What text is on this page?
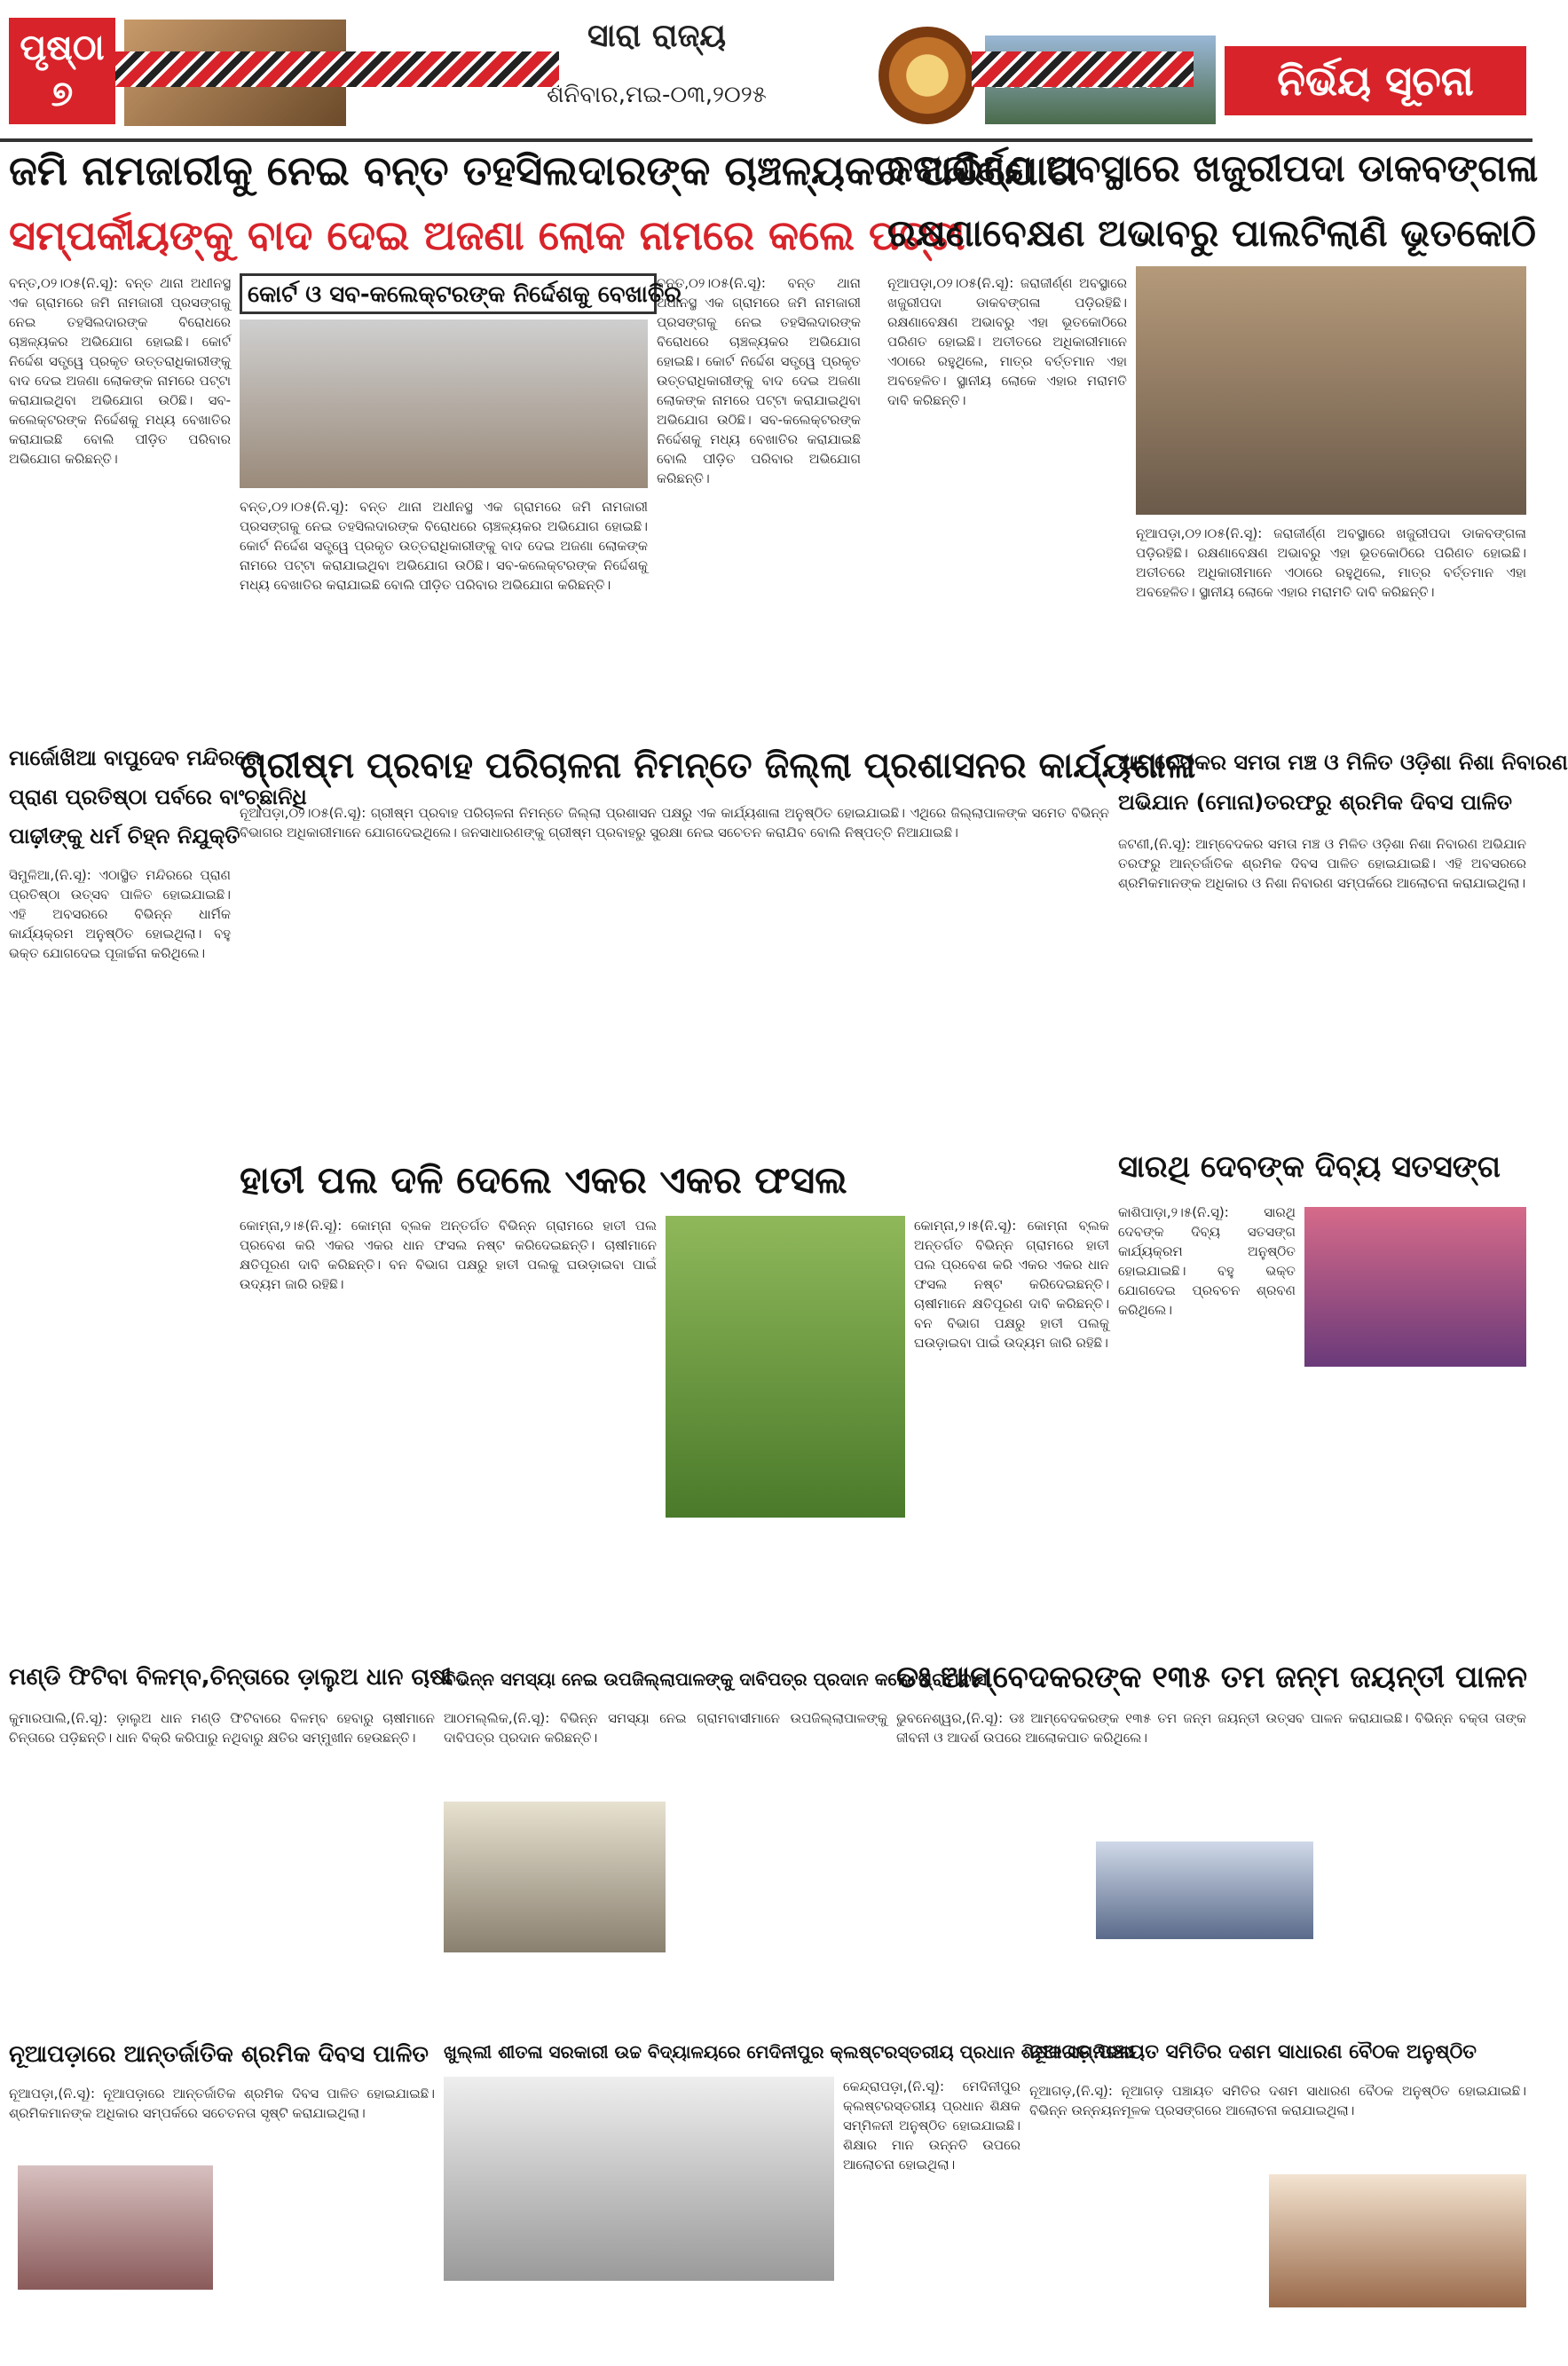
ପୃଷ୍ଠା
୭
ସାରା ରାଜ୍ୟ
ଶନିବାର,ମଇ-୦୩,୨୦୨୫	ନିର୍ଭୟ ସୂଚନା
ଜମି ନାମଜାରୀକୁ ନେଇ ବନ୍ତ ତହସିଲଦାରଙ୍କ ଚାଞ୍ଚଳ୍ୟକର ଅଭିଯୋଗ
ସମ୍ପର୍କୀୟଙ୍କୁ ବାଦ ଦେଇ ଅଜଣା ଲୋକ ନାମରେ କଲେ ପଟ୍ଟା
କୋର୍ଟ ଓ ସବ-କଲେକ୍ଟରଙ୍କ ନିର୍ଦ୍ଦେଶକୁ ବେଖାତିର
ବନ୍ତ,୦୨।୦୫(ନି.ସୂ): ବନ୍ତ ଥାନା ଅଧୀନସ୍ଥ ଏକ ଗ୍ରାମରେ ଜମି ନାମଜାରୀ ପ୍ରସଙ୍ଗକୁ ନେଇ ତହସିଲଦାରଙ୍କ ବିରୋଧରେ ଚାଞ୍ଚଳ୍ୟକର ଅଭିଯୋଗ ହୋଇଛି। କୋର୍ଟ ନିର୍ଦ୍ଦେଶ ସତ୍ତ୍ୱେ ପ୍ରକୃତ ଉତ୍ତରାଧିକାରୀଙ୍କୁ ବାଦ ଦେଇ ଅଜଣା ଲୋକଙ୍କ ନାମରେ ପଟ୍ଟା କରାଯାଇଥିବା ଅଭିଯୋଗ ଉଠିଛି। ସବ-କଲେକ୍ଟରଙ୍କ ନିର୍ଦ୍ଦେଶକୁ ମଧ୍ୟ ବେଖାତିର କରାଯାଇଛି ବୋଲି ପୀଡ଼ିତ ପରିବାର ଅଭିଯୋଗ କରିଛନ୍ତି।
ବନ୍ତ,୦୨।୦୫(ନି.ସୂ): ବନ୍ତ ଥାନା ଅଧୀନସ୍ଥ ଏକ ଗ୍ରାମରେ ଜମି ନାମଜାରୀ ପ୍ରସଙ୍ଗକୁ ନେଇ ତହସିଲଦାରଙ୍କ ବିରୋଧରେ ଚାଞ୍ଚଳ୍ୟକର ଅଭିଯୋଗ ହୋଇଛି। କୋର୍ଟ ନିର୍ଦ୍ଦେଶ ସତ୍ତ୍ୱେ ପ୍ରକୃତ ଉତ୍ତରାଧିକାରୀଙ୍କୁ ବାଦ ଦେଇ ଅଜଣା ଲୋକଙ୍କ ନାମରେ ପଟ୍ଟା କରାଯାଇଥିବା ଅଭିଯୋଗ ଉଠିଛି। ସବ-କଲେକ୍ଟରଙ୍କ ନିର୍ଦ୍ଦେଶକୁ ମଧ୍ୟ ବେଖାତିର କରାଯାଇଛି ବୋଲି ପୀଡ଼ିତ ପରିବାର ଅଭିଯୋଗ କରିଛନ୍ତି।
ବନ୍ତ,୦୨।୦୫(ନି.ସୂ): ବନ୍ତ ଥାନା ଅଧୀନସ୍ଥ ଏକ ଗ୍ରାମରେ ଜମି ନାମଜାରୀ ପ୍ରସଙ୍ଗକୁ ନେଇ ତହସିଲଦାରଙ୍କ ବିରୋଧରେ ଚାଞ୍ଚଳ୍ୟକର ଅଭିଯୋଗ ହୋଇଛି। କୋର୍ଟ ନିର୍ଦ୍ଦେଶ ସତ୍ତ୍ୱେ ପ୍ରକୃତ ଉତ୍ତରାଧିକାରୀଙ୍କୁ ବାଦ ଦେଇ ଅଜଣା ଲୋକଙ୍କ ନାମରେ ପଟ୍ଟା କରାଯାଇଥିବା ଅଭିଯୋଗ ଉଠିଛି। ସବ-କଲେକ୍ଟରଙ୍କ ନିର୍ଦ୍ଦେଶକୁ ମଧ୍ୟ ବେଖାତିର କରାଯାଇଛି ବୋଲି ପୀଡ଼ିତ ପରିବାର ଅଭିଯୋଗ କରିଛନ୍ତି।
ଜରାଜୀର୍ଣ୍ଣ ଅବସ୍ଥାରେ ଖଜୁରୀପଦା ଡାକବଙ୍ଗଳା
ରକ୍ଷଣାବେକ୍ଷଣ ଅଭାବରୁ ପାଲଟିଲାଣି ଭୂତକୋଠି
ନୂଆପଡ଼ା,୦୨।୦୫(ନି.ସୂ): ଜରାଜୀର୍ଣ୍ଣ ଅବସ୍ଥାରେ ଖଜୁରୀପଦା ଡାକବଙ୍ଗଳା ପଡ଼ିରହିଛି। ରକ୍ଷଣାବେକ୍ଷଣ ଅଭାବରୁ ଏହା ଭୂତକୋଠିରେ ପରିଣତ ହୋଇଛି। ଅତୀତରେ ଅଧିକାରୀମାନେ ଏଠାରେ ରହୁଥିଲେ, ମାତ୍ର ବର୍ତ୍ତମାନ ଏହା ଅବହେଳିତ। ସ୍ଥାନୀୟ ଲୋକେ ଏହାର ମରାମତି ଦାବି କରିଛନ୍ତି।
ନୂଆପଡ଼ା,୦୨।୦୫(ନି.ସୂ): ଜରାଜୀର୍ଣ୍ଣ ଅବସ୍ଥାରେ ଖଜୁରୀପଦା ଡାକବଙ୍ଗଳା ପଡ଼ିରହିଛି। ରକ୍ଷଣାବେକ୍ଷଣ ଅଭାବରୁ ଏହା ଭୂତକୋଠିରେ ପରିଣତ ହୋଇଛି। ଅତୀତରେ ଅଧିକାରୀମାନେ ଏଠାରେ ରହୁଥିଲେ, ମାତ୍ର ବର୍ତ୍ତମାନ ଏହା ଅବହେଳିତ। ସ୍ଥାନୀୟ ଲୋକେ ଏହାର ମରାମତି ଦାବି କରିଛନ୍ତି।
ମାର୍ଜୋଖିଆ ବାପୁଦେବ ମନ୍ଦିରରେ
ପ୍ରାଣ ପ୍ରତିଷ୍ଠା ପର୍ବରେ ବାଂଚ୍ଛାନିଧି
ପାଢ଼ୀଙ୍କୁ ଧର୍ମ ଚିହ୍ନ ନିଯୁକ୍ତି
ସିମୁଳିଆ,(ନି.ସୂ): ଏଠାସ୍ଥିତ ମନ୍ଦିରରେ ପ୍ରାଣ ପ୍ରତିଷ୍ଠା ଉତ୍ସବ ପାଳିତ ହୋଇଯାଇଛି। ଏହି ଅବସରରେ ବିଭିନ୍ନ ଧାର୍ମିକ କାର୍ଯ୍ୟକ୍ରମ ଅନୁଷ୍ଠିତ ହୋଇଥିଲା। ବହୁ ଭକ୍ତ ଯୋଗଦେଇ ପୂଜାର୍ଚ୍ଚନା କରିଥିଲେ।
ଗ୍ରୀଷ୍ମ ପ୍ରବାହ ପରିଚାଳନା ନିମନ୍ତେ ଜିଲ୍ଲା ପ୍ରଶାସନର କାର୍ଯ୍ୟଶାଳା
ନୂଆପଡ଼ା,୦୨।୦୫(ନି.ସୂ): ଗ୍ରୀଷ୍ମ ପ୍ରବାହ ପରିଚାଳନା ନିମନ୍ତେ ଜିଲ୍ଲା ପ୍ରଶାସନ ପକ୍ଷରୁ ଏକ କାର୍ଯ୍ୟଶାଳା ଅନୁଷ୍ଠିତ ହୋଇଯାଇଛି। ଏଥିରେ ଜିଲ୍ଲାପାଳଙ୍କ ସମେତ ବିଭିନ୍ନ ବିଭାଗର ଅଧିକାରୀମାନେ ଯୋଗଦେଇଥିଲେ। ଜନସାଧାରଣଙ୍କୁ ଗ୍ରୀଷ୍ମ ପ୍ରବାହରୁ ସୁରକ୍ଷା ନେଇ ସଚେତନ କରାଯିବ ବୋଲି ନିଷ୍ପତ୍ତି ନିଆଯାଇଛି।
ଆମ୍ବେଦକର ସମତା ମଞ୍ଚ ଓ ମିଳିତ ଓଡ଼ିଶା ନିଶା ନିବାରଣ
ଅଭିଯାନ (ମୋନା)ତରଫରୁ ଶ୍ରମିକ ଦିବସ ପାଳିତ
ଜଟଣୀ,(ନି.ସୂ): ଆମ୍ବେଦକର ସମତା ମଞ୍ଚ ଓ ମିଳିତ ଓଡ଼ିଶା ନିଶା ନିବାରଣ ଅଭିଯାନ ତରଫରୁ ଆନ୍ତର୍ଜାତିକ ଶ୍ରମିକ ଦିବସ ପାଳିତ ହୋଇଯାଇଛି। ଏହି ଅବସରରେ ଶ୍ରମିକମାନଙ୍କ ଅଧିକାର ଓ ନିଶା ନିବାରଣ ସମ୍ପର୍କରେ ଆଲୋଚନା କରାଯାଇଥିଲା।
ହାତୀ ପଲ ଦଳି ଦେଲେ ଏକର ଏକର ଫସଲ
କୋମ୍ନା,୨।୫(ନି.ସୂ): କୋମ୍ନା ବ୍ଲକ ଅନ୍ତର୍ଗତ ବିଭିନ୍ନ ଗ୍ରାମରେ ହାତୀ ପଲ ପ୍ରବେଶ କରି ଏକର ଏକର ଧାନ ଫସଲ ନଷ୍ଟ କରିଦେଇଛନ୍ତି। ଚାଷୀମାନେ କ୍ଷତିପୂରଣ ଦାବି କରିଛନ୍ତି। ବନ ବିଭାଗ ପକ୍ଷରୁ ହାତୀ ପଲକୁ ଘଉଡ଼ାଇବା ପାଇଁ ଉଦ୍ୟମ ଜାରି ରହିଛି।
କୋମ୍ନା,୨।୫(ନି.ସୂ): କୋମ୍ନା ବ୍ଲକ ଅନ୍ତର୍ଗତ ବିଭିନ୍ନ ଗ୍ରାମରେ ହାତୀ ପଲ ପ୍ରବେଶ କରି ଏକର ଏକର ଧାନ ଫସଲ ନଷ୍ଟ କରିଦେଇଛନ୍ତି। ଚାଷୀମାନେ କ୍ଷତିପୂରଣ ଦାବି କରିଛନ୍ତି। ବନ ବିଭାଗ ପକ୍ଷରୁ ହାତୀ ପଲକୁ ଘଉଡ଼ାଇବା ପାଇଁ ଉଦ୍ୟମ ଜାରି ରହିଛି।
ସାରଥି ଦେବଙ୍କ ଦିବ୍ୟ ସତସଙ୍ଗ
କାଶିପାଡ଼ା,୨।୫(ନି.ସୂ): ସାରଥି ଦେବଙ୍କ ଦିବ୍ୟ ସତସଙ୍ଗ କାର୍ଯ୍ୟକ୍ରମ ଅନୁଷ୍ଠିତ ହୋଇଯାଇଛି। ବହୁ ଭକ୍ତ ଯୋଗଦେଇ ପ୍ରବଚନ ଶ୍ରବଣ କରିଥିଲେ।
ମଣ୍ଡି ଫିଟିବା ବିଳମ୍ବ,ଚିନ୍ତାରେ ଡ଼ାଲୁଅ ଧାନ ଚାଷୀ
କୁମାରପାଲି,(ନି.ସୂ): ଡ଼ାଲୁଅ ଧାନ ମଣ୍ଡି ଫିଟିବାରେ ବିଳମ୍ବ ହେବାରୁ ଚାଷୀମାନେ ଚିନ୍ତାରେ ପଡ଼ିଛନ୍ତି। ଧାନ ବିକ୍ରି କରିପାରୁ ନଥିବାରୁ କ୍ଷତିର ସମ୍ମୁଖୀନ ହେଉଛନ୍ତି।
ବିଭିନ୍ନ ସମସ୍ୟା ନେଇ ଉପଜିଲ୍ଲାପାଳଙ୍କୁ ଦାବିପତ୍ର ପ୍ରଦାନ କଲେ ଗ୍ରାମବାସୀ
ଆଠମଲ୍ଲିକ,(ନି.ସୂ): ବିଭିନ୍ନ ସମସ୍ୟା ନେଇ ଗ୍ରାମବାସୀମାନେ ଉପଜିଲ୍ଲାପାଳଙ୍କୁ ଦାବିପତ୍ର ପ୍ରଦାନ କରିଛନ୍ତି।
ଡଃ ଆମ୍ବେଦକରଙ୍କ ୧୩୫ ତମ ଜନ୍ମ ଜୟନ୍ତୀ ପାଳନ
ଭୁବନେଶ୍ୱର,(ନି.ସୂ): ଡଃ ଆମ୍ବେଦକରଙ୍କ ୧୩୫ ତମ ଜନ୍ମ ଜୟନ୍ତୀ ଉତ୍ସବ ପାଳନ କରାଯାଇଛି। ବିଭିନ୍ନ ବକ୍ତା ତାଙ୍କ ଜୀବନୀ ଓ ଆଦର୍ଶ ଉପରେ ଆଲୋକପାତ କରିଥିଲେ।
ନୂଆପଡ଼ାରେ ଆନ୍ତର୍ଜାତିକ ଶ୍ରମିକ ଦିବସ ପାଳିତ
ନୂଆପଡ଼ା,(ନି.ସୂ): ନୂଆପଡ଼ାରେ ଆନ୍ତର୍ଜାତିକ ଶ୍ରମିକ ଦିବସ ପାଳିତ ହୋଇଯାଇଛି। ଶ୍ରମିକମାନଙ୍କ ଅଧିକାର ସମ୍ପର୍କରେ ସଚେତନତା ସୃଷ୍ଟି କରାଯାଇଥିଲା।
ଖୁଲ୍ଲୀ ଶୀତଳା ସରକାରୀ ଉଚ୍ଚ ବିଦ୍ୟାଳୟରେ ମେଦିନୀପୁର କ୍ଲଷ୍ଟରସ୍ତରୀୟ ପ୍ରଧାନ ଶିକ୍ଷକ ସମ୍ମିଳନୀ
କେନ୍ଦ୍ରାପଡ଼ା,(ନି.ସୂ): ମେଦିନୀପୁର କ୍ଲଷ୍ଟରସ୍ତରୀୟ ପ୍ରଧାନ ଶିକ୍ଷକ ସମ୍ମିଳନୀ ଅନୁଷ୍ଠିତ ହୋଇଯାଇଛି। ଶିକ୍ଷାର ମାନ ଉନ୍ନତି ଉପରେ ଆଲୋଚନା ହୋଇଥିଲା।
ନୂଆଗଡ଼ ପଞ୍ଚାୟତ ସମିତିର ଦଶମ ସାଧାରଣ ବୈଠକ ଅନୁଷ୍ଠିତ
ନୂଆଗଡ଼,(ନି.ସୂ): ନୂଆଗଡ଼ ପଞ୍ଚାୟତ ସମିତିର ଦଶମ ସାଧାରଣ ବୈଠକ ଅନୁଷ୍ଠିତ ହୋଇଯାଇଛି। ବିଭିନ୍ନ ଉନ୍ନୟନମୂଳକ ପ୍ରସଙ୍ଗରେ ଆଲୋଚନା କରାଯାଇଥିଲା।
